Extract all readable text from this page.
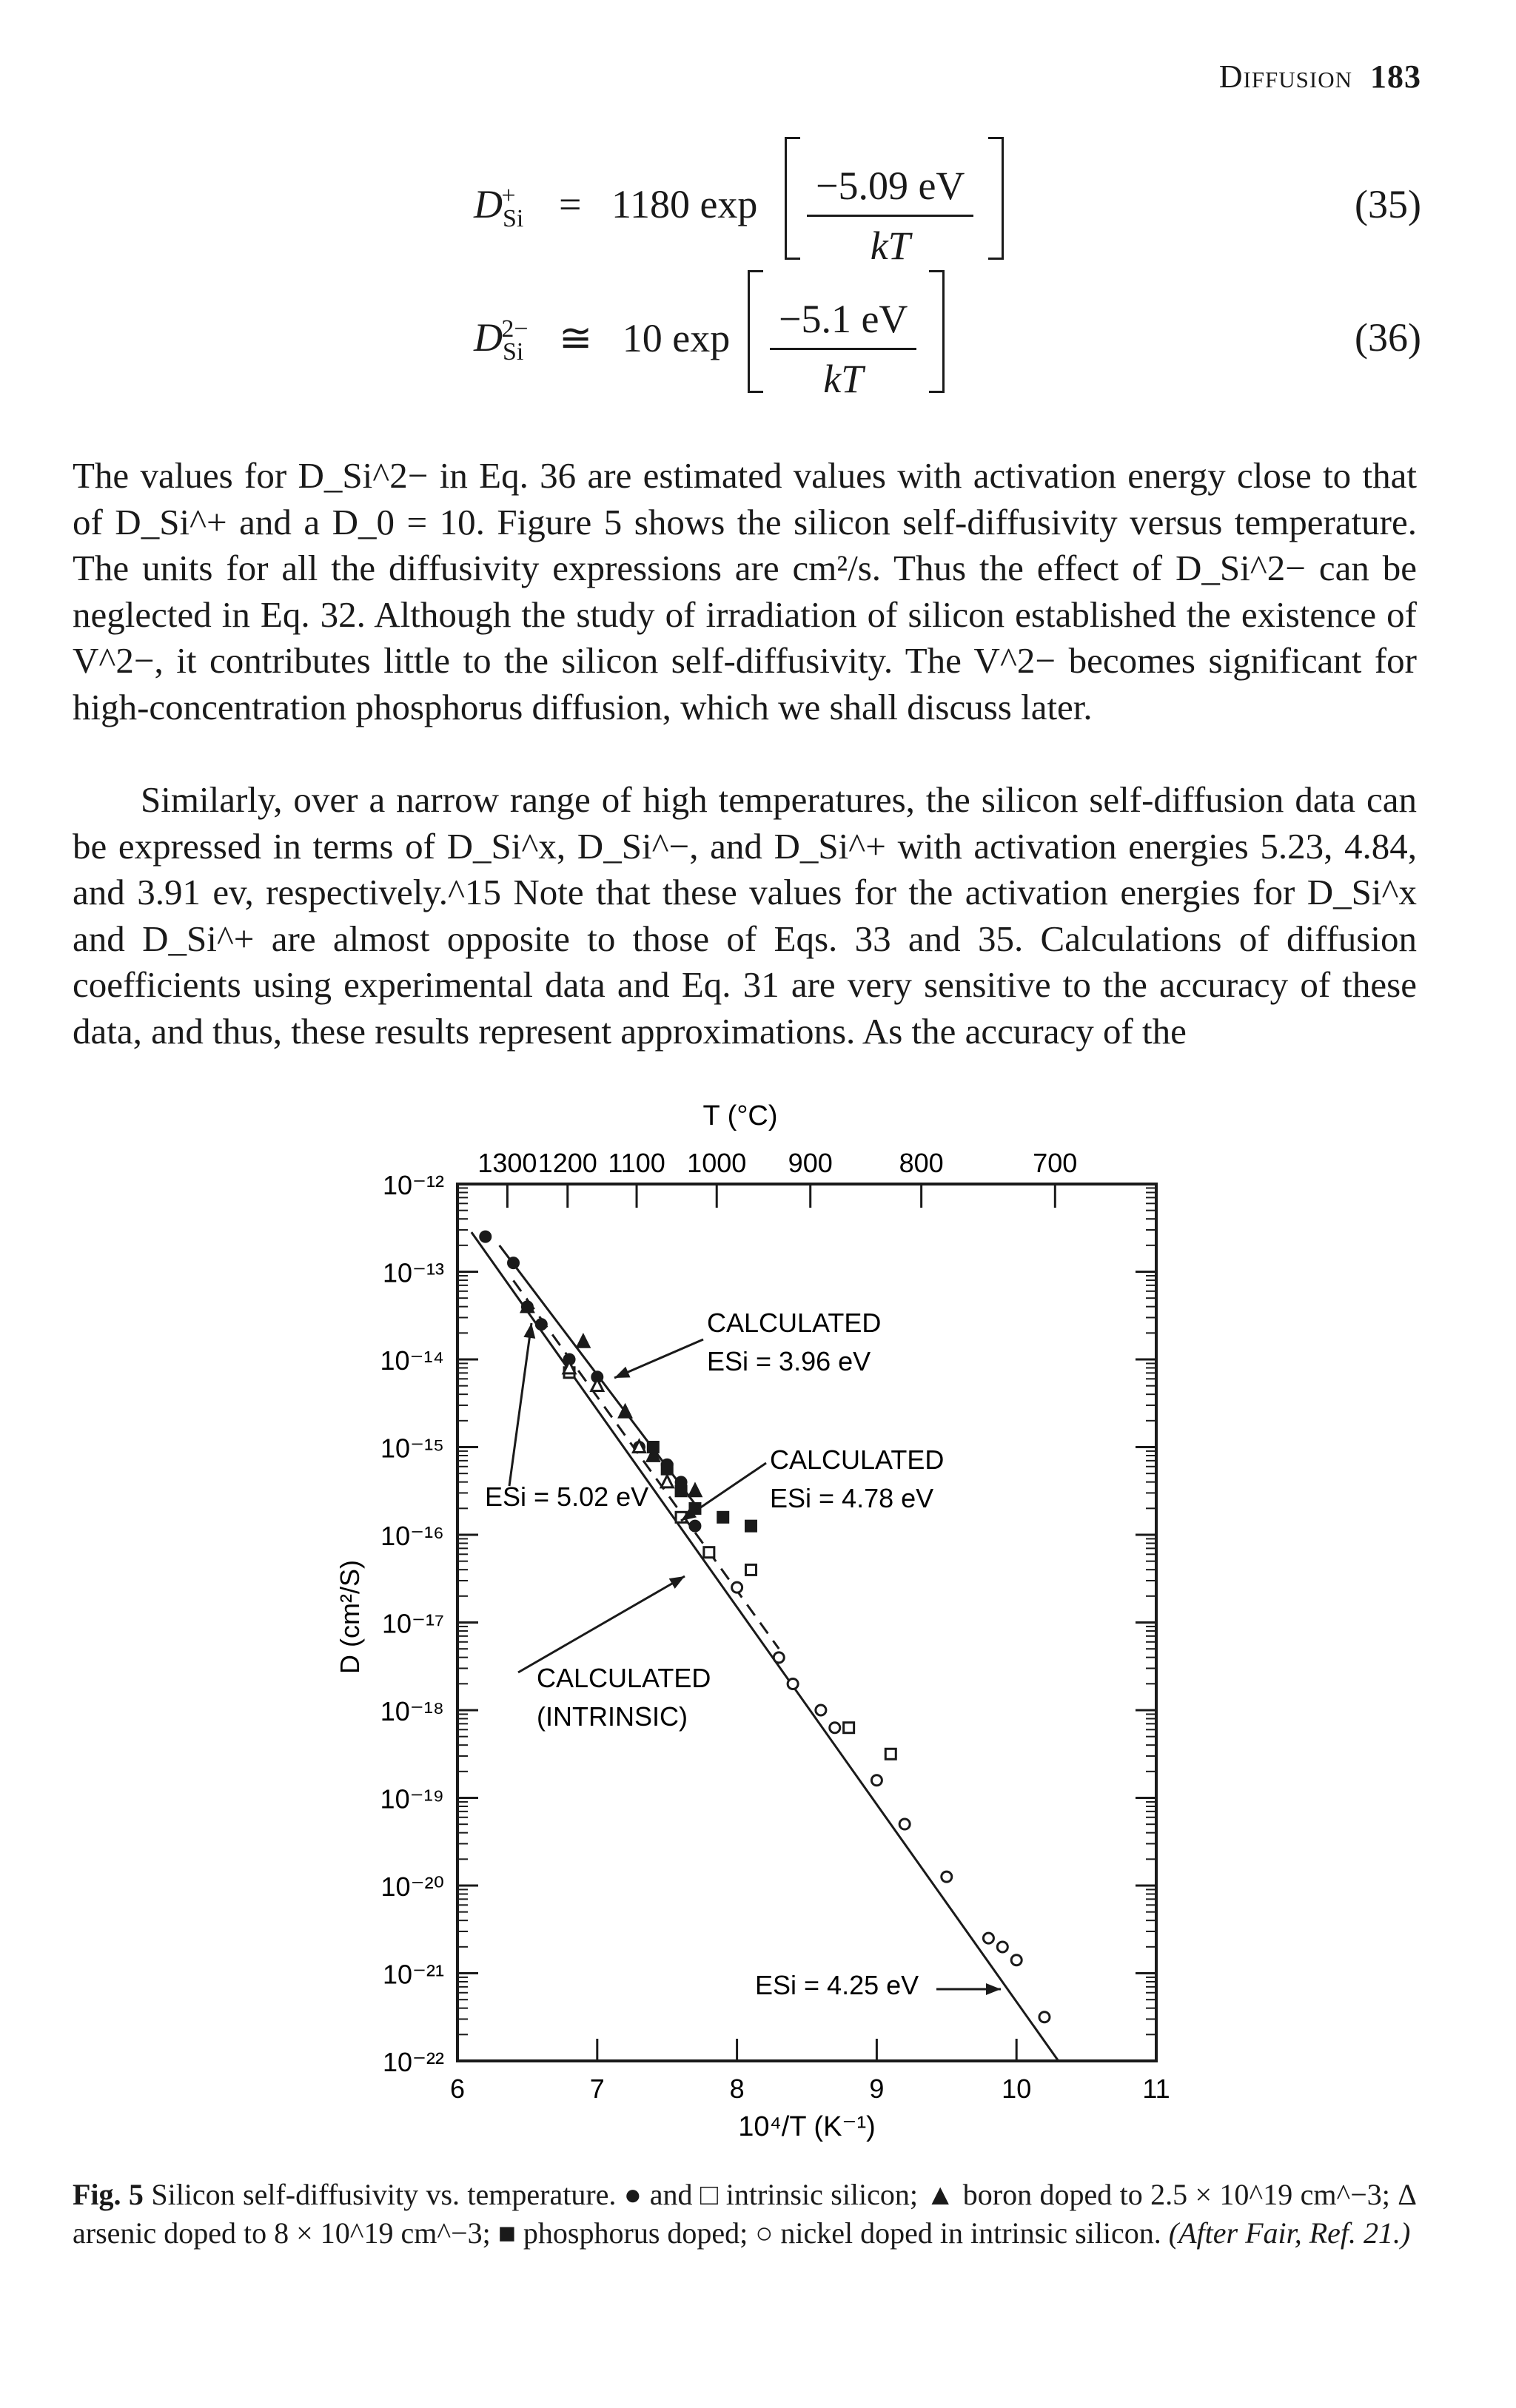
Diffusion 183
$D_{Si}^+ = 1180$ $\exp \frac{-5.09 eV}{kT}$	(35)
$D_{Si}^{2-}$ ≅ 10 $\exp \frac{-5.1 eV}{kT}$	(36)

The values for D_Si^2− in Eq. 36 are estimated values with activation energy close to that of D_Si^+ and a D_0 = 10. Figure 5 shows the silicon self-diffusivity versus temperature. The units for all the diffusivity expressions are cm²/s. Thus the effect of D_Si^2− can be neglected in Eq. 32. Although the study of irradiation of silicon established the existence of V^2−, it contributes little to the silicon self-diffusivity. The V^2− becomes significant for high-concentration phosphorus diffusion, which we shall discuss later.

Similarly, over a narrow range of high temperatures, the silicon self-diffusion data can be expressed in terms of D_Si^x, D_Si^−, and D_Si^+ with activation energies 5.23, 4.84, and 3.91 ev, respectively.^15 Note that these values for the activation energies for D_Si^x and D_Si^+ are almost opposite to those of Eqs. 33 and 35. Calculations of diffusion coefficients using experimental data and Eq. 31 are very sensitive to the accuracy of these data, and thus, these results represent approximations. As the accuracy of the

T (°C)
10⁻¹²
10⁻¹³
10⁻¹⁴
10⁻¹⁵
10⁻¹⁶
10⁻¹⁷
10⁻¹⁸
10⁻¹⁹
10⁻²⁰
10⁻²¹
10⁻²²
6	7	8	9	10	11
1300 1200 1100 1000 900 800	700
CALCULATED
ESi = 3.96 eV
CALCULATED
ESi = 4.78 eV
ESi = 5.02 eV
CALCULATED
(INTRINSIC)
ESi = 4.25 eV
10⁴/T (K⁻¹)
D (cm²/S)

Fig. 5 Silicon self-diffusivity vs. temperature. ● and □ intrinsic silicon; ▲ boron doped to 2.5 × 10^19 cm^−3; Δ arsenic doped to 8 × 10^19 cm^−3; ■ phosphorus doped; ○ nickel doped in intrinsic silicon. (After Fair, Ref. 21.)
